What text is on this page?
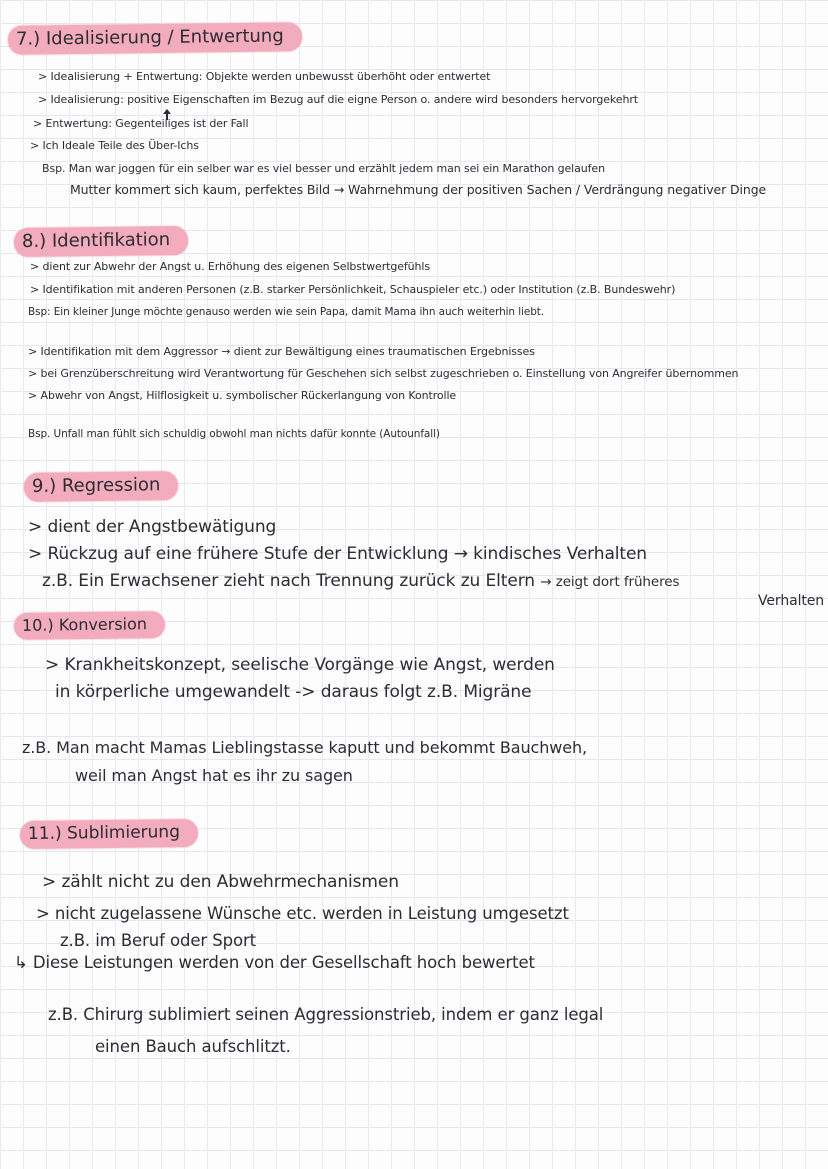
7.) Idealisierung / Entwertung
> Idealisierung + Entwertung: Objekte werden unbewusst überhöht oder entwertet
> Idealisierung: positive Eigenschaften im Bezug auf die eigne Person o. andere wird besonders hervorgekehrt
> Entwertung: Gegenteiliges ist der Fall
> Ich Ideale Teile des Über-Ichs
Bsp. Man war joggen für ein selber war es viel besser und erzählt jedem man sei ein Marathon gelaufen
Mutter kommert sich kaum, perfektes Bild → Wahrnehmung der positiven Sachen / Verdrängung negativer Dinge
8.) Identifikation
> dient zur Abwehr der Angst u. Erhöhung des eigenen Selbstwertgefühls
> Identifikation mit anderen Personen (z.B. starker Persönlichkeit, Schauspieler etc.) oder Institution (z.B. Bundeswehr)
Bsp: Ein kleiner Junge möchte genauso werden wie sein Papa, damit Mama ihn auch weiterhin liebt.
> Identifikation mit dem Aggressor → dient zur Bewältigung eines traumatischen Ergebnisses
> bei Grenzüberschreitung wird Verantwortung für Geschehen sich selbst zugeschrieben o. Einstellung von Angreifer übernommen
> Abwehr von Angst, Hilflosigkeit u. symbolischer Rückerlangung von Kontrolle
Bsp. Unfall man fühlt sich schuldig obwohl man nichts dafür konnte (Autounfall)
9.) Regression
> dient der Angstbewätigung
> Rückzug auf eine frühere Stufe der Entwicklung → kindisches Verhalten
z.B. Ein Erwachsener zieht nach Trennung zurück zu Eltern → zeigt dort früheres
Verhalten
10.) Konversion
> Krankheitskonzept, seelische Vorgänge wie Angst, werden
in körperliche umgewandelt -> daraus folgt z.B. Migräne
z.B. Man macht Mamas Lieblingstasse kaputt und bekommt Bauchweh,
weil man Angst hat es ihr zu sagen
11.) Sublimierung
> zählt nicht zu den Abwehrmechanismen
> nicht zugelassene Wünsche etc. werden in Leistung umgesetzt
z.B. im Beruf oder Sport
↳ Diese Leistungen werden von der Gesellschaft hoch bewertet
z.B. Chirurg sublimiert seinen Aggressionstrieb, indem er ganz legal
einen Bauch aufschlitzt.
